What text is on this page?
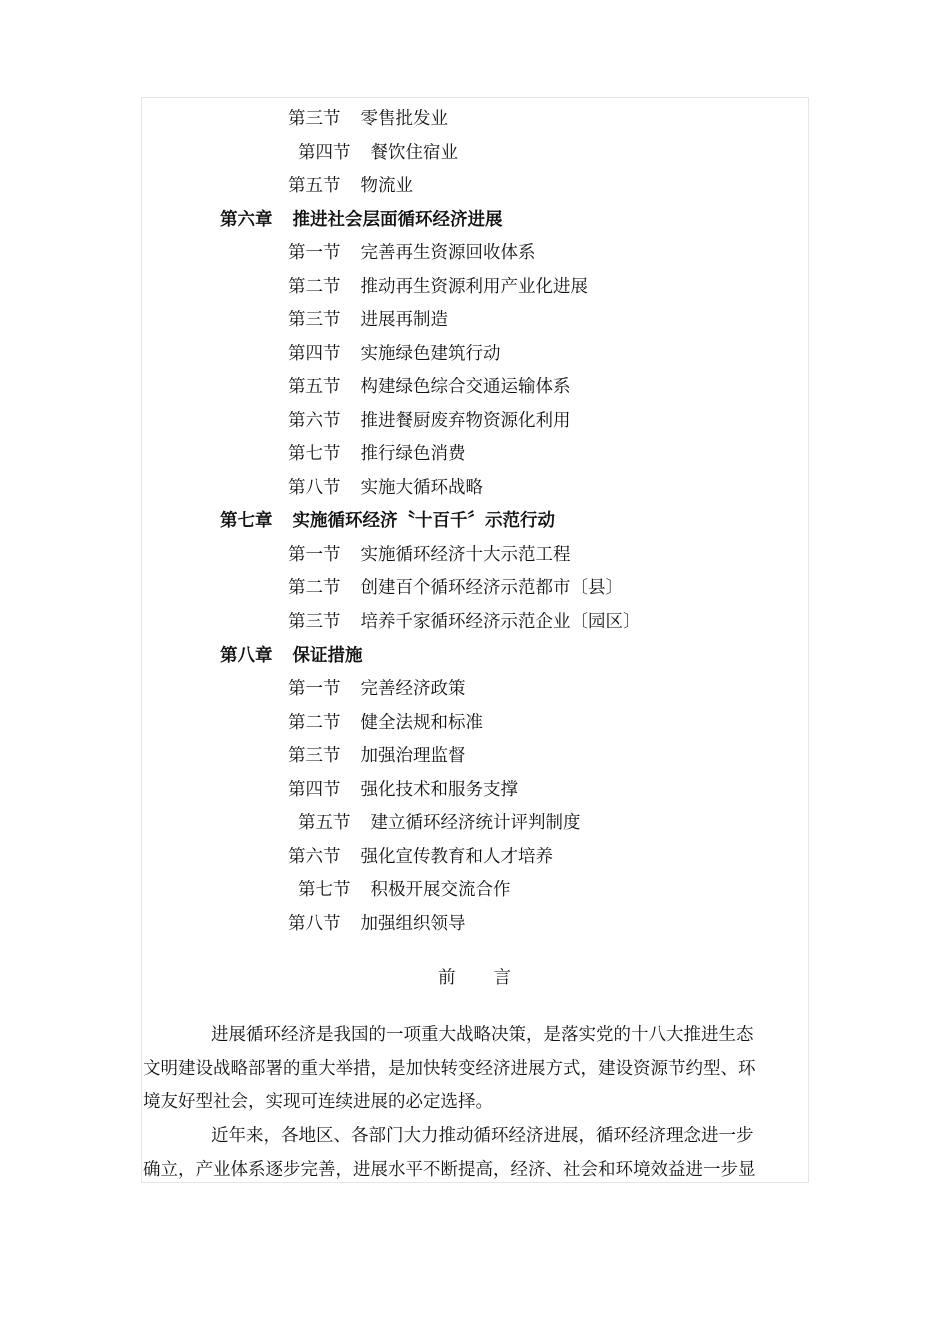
第三节 零售批发业
第四节 餐饮住宿业
第五节 物流业
第六章 推进社会层面循环经济进展
第一节 完善再生资源回收体系
第二节 推动再生资源利用产业化进展
第三节 进展再制造
第四节 实施绿色建筑行动
第五节 构建绿色综合交通运输体系
第六节 推进餐厨废弃物资源化利用
第七节 推行绿色消费
第八节 实施大循环战略
第七章 实施循环经济〝十百千〞示范行动
第一节 实施循环经济十大示范工程
第二节 创建百个循环经济示范都市〔县〕
第三节 培养千家循环经济示范企业〔园区〕
第八章 保证措施
第一节 完善经济政策
第二节 健全法规和标准
第三节 加强治理监督
第四节 强化技术和服务支撑
第五节 建立循环经济统计评判制度
第六节 强化宣传教育和人才培养
第七节 积极开展交流合作
第八节 加强组织领导
前 言
进展循环经济是我国的一项重大战略决策，是落实党的十八大推进生态
文明建设战略部署的重大举措，是加快转变经济进展方式，建设资源节约型、环
境友好型社会，实现可连续进展的必定选择。
近年来，各地区、各部门大力推动循环经济进展，循环经济理念进一步
确立，产业体系逐步完善，进展水平不断提高，经济、社会和环境效益进一步显
